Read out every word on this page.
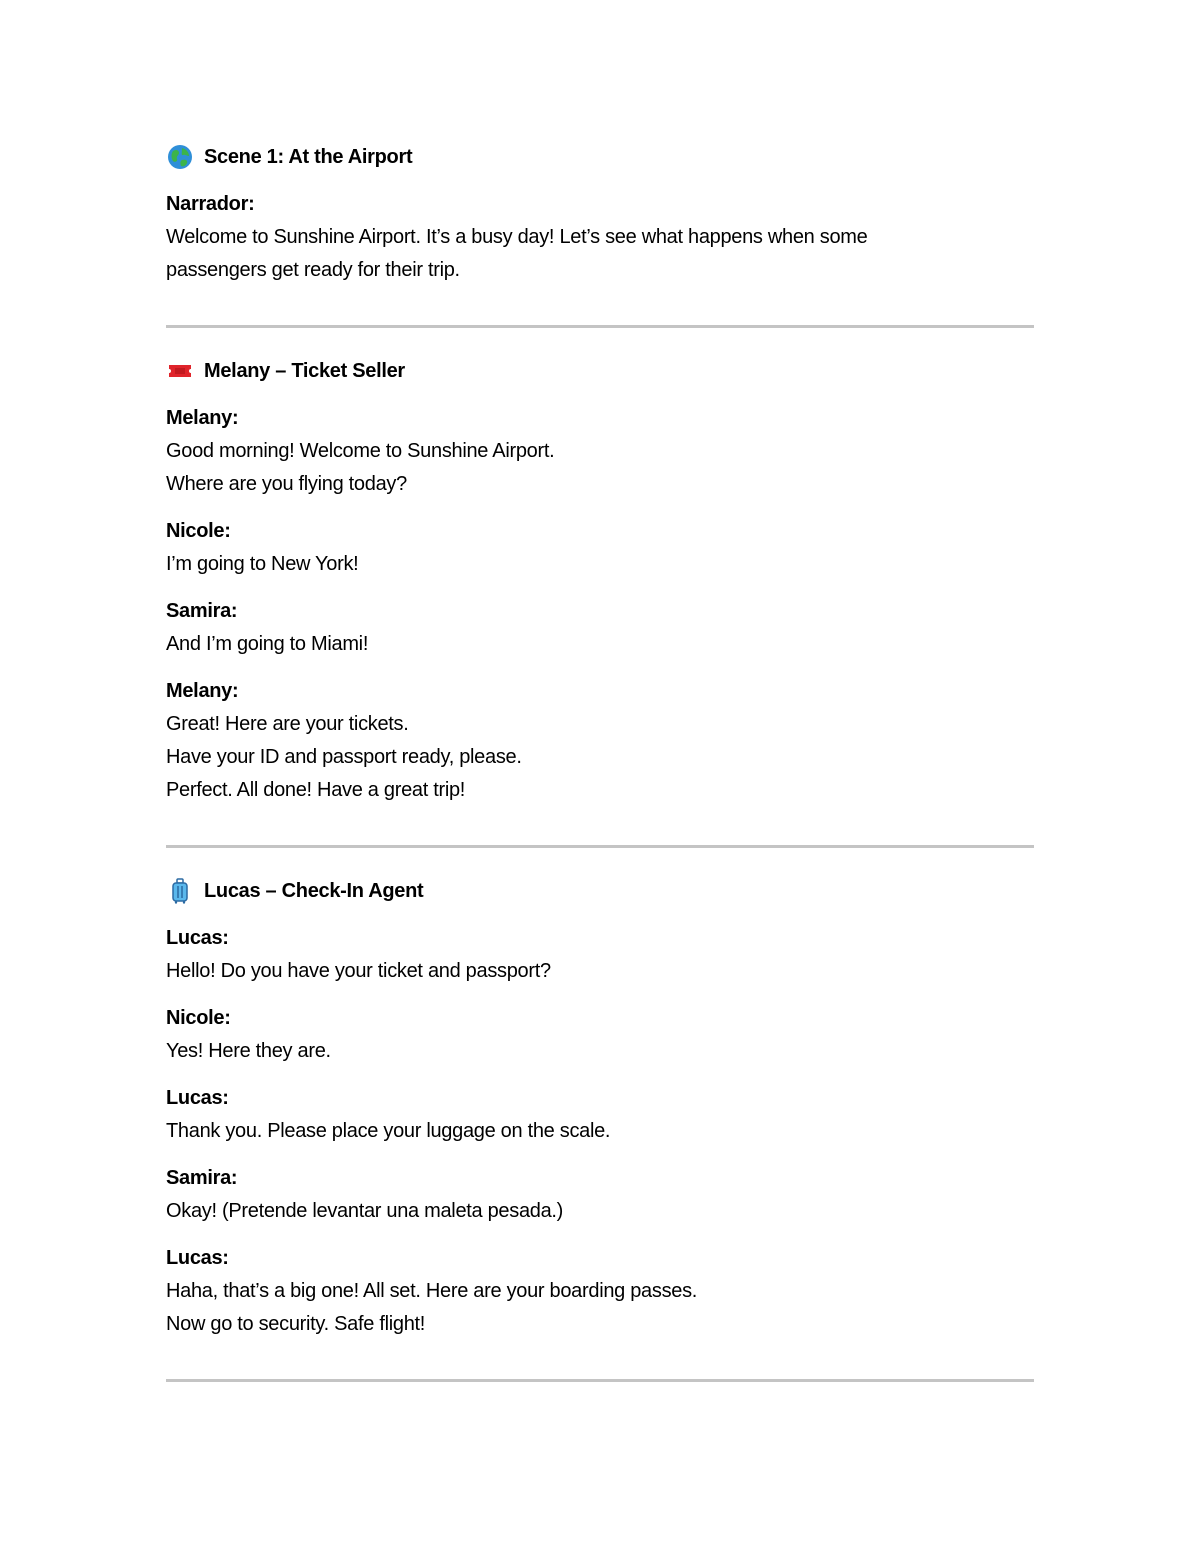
Scene 1: At the Airport
Narrador:
Welcome to Sunshine Airport. It’s a busy day! Let’s see what happens when some
passengers get ready for their trip.
Melany – Ticket Seller
Melany:
Good morning! Welcome to Sunshine Airport.
Where are you flying today?
Nicole:
I’m going to New York!
Samira:
And I’m going to Miami!
Melany:
Great! Here are your tickets.
Have your ID and passport ready, please.
Perfect. All done! Have a great trip!
Lucas – Check-In Agent
Lucas:
Hello! Do you have your ticket and passport?
Nicole:
Yes! Here they are.
Lucas:
Thank you. Please place your luggage on the scale.
Samira:
Okay! (Pretende levantar una maleta pesada.)
Lucas:
Haha, that’s a big one! All set. Here are your boarding passes.
Now go to security. Safe flight!
